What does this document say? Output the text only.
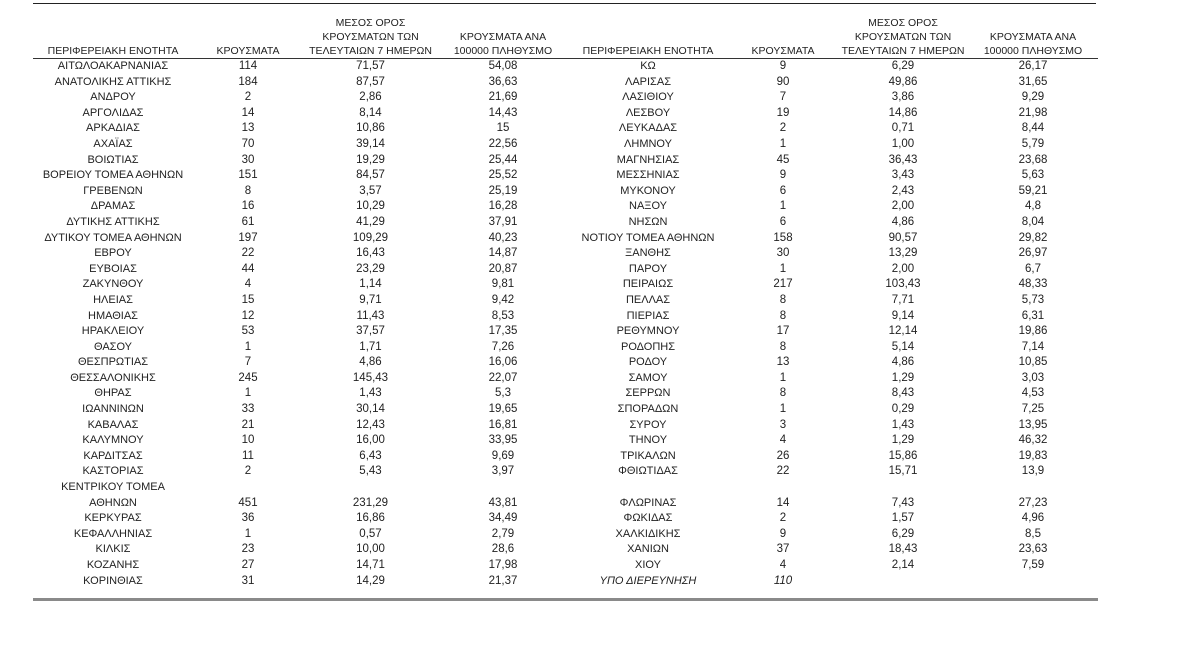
ΠΕΡΙΦΕΡΕΙΑΚΗ ΕΝΟΤΗΤΑ	ΚΡΟΥΣΜΑΤΑ	ΜΕΣΟΣ ΟΡΟΣ
ΚΡΟΥΣΜΑΤΩΝ ΤΩΝ
ΤΕΛΕΥΤΑΙΩΝ 7 ΗΜΕΡΩΝ	ΚΡΟΥΣΜΑΤΑ ΑΝΑ
100000 ΠΛΗΘΥΣΜΟ

ΑΙΤΩΛΟΑΚΑΡΝΑΝΙΑΣ	114	71,57	54,08
ΑΝΑΤΟΛΙΚΗΣ ΑΤΤΙΚΗΣ	184	87,57	36,63
ΑΝΔΡΟΥ	2	2,86	21,69
ΑΡΓΟΛΙΔΑΣ	14	8,14	14,43
ΑΡΚΑΔΙΑΣ	13	10,86	15
ΑΧΑΪΑΣ	70	39,14	22,56
ΒΟΙΩΤΙΑΣ	30	19,29	25,44
ΒΟΡΕΙΟΥ ΤΟΜΕΑ ΑΘΗΝΩΝ	151	84,57	25,52
ΓΡΕΒΕΝΩΝ	8	3,57	25,19
ΔΡΑΜΑΣ	16	10,29	16,28
ΔΥΤΙΚΗΣ ΑΤΤΙΚΗΣ	61	41,29	37,91
ΔΥΤΙΚΟΥ ΤΟΜΕΑ ΑΘΗΝΩΝ	197	109,29	40,23
ΕΒΡΟΥ	22	16,43	14,87
ΕΥΒΟΙΑΣ	44	23,29	20,87
ΖΑΚΥΝΘΟΥ	4	1,14	9,81
ΗΛΕΙΑΣ	15	9,71	9,42
ΗΜΑΘΙΑΣ	12	11,43	8,53
ΗΡΑΚΛΕΙΟΥ	53	37,57	17,35
ΘΑΣΟΥ	1	1,71	7,26
ΘΕΣΠΡΩΤΙΑΣ	7	4,86	16,06
ΘΕΣΣΑΛΟΝΙΚΗΣ	245	145,43	22,07
ΘΗΡΑΣ	1	1,43	5,3
ΙΩΑΝΝΙΝΩΝ	33	30,14	19,65
ΚΑΒΑΛΑΣ	21	12,43	16,81
ΚΑΛΥΜΝΟΥ	10	16,00	33,95
ΚΑΡΔΙΤΣΑΣ	11	6,43	9,69
ΚΑΣΤΟΡΙΑΣ	2	5,43	3,97

ΚΕΝΤΡΙΚΟΥ ΤΟΜΕΑ
ΑΘΗΝΩΝ	451	231,29	43,81
ΚΕΡΚΥΡΑΣ	36	16,86	34,49
ΚΕΦΑΛΛΗΝΙΑΣ	1	0,57	2,79
ΚΙΛΚΙΣ	23	10,00	28,6
ΚΟΖΑΝΗΣ	27	14,71	17,98
ΚΟΡΙΝΘΙΑΣ	31	14,29	21,37
ΠΕΡΙΦΕΡΕΙΑΚΗ ΕΝΟΤΗΤΑ	ΚΡΟΥΣΜΑΤΑ	ΜΕΣΟΣ ΟΡΟΣ
ΚΡΟΥΣΜΑΤΩΝ ΤΩΝ
ΤΕΛΕΥΤΑΙΩΝ 7 ΗΜΕΡΩΝ	ΚΡΟΥΣΜΑΤΑ ΑΝΑ
100000 ΠΛΗΘΥΣΜΟ

ΚΩ	9	6,29	26,17
ΛΑΡΙΣΑΣ	90	49,86	31,65
ΛΑΣΙΘΙΟΥ	7	3,86	9,29
ΛΕΣΒΟΥ	19	14,86	21,98
ΛΕΥΚΑΔΑΣ	2	0,71	8,44
ΛΗΜΝΟΥ	1	1,00	5,79
ΜΑΓΝΗΣΙΑΣ	45	36,43	23,68
ΜΕΣΣΗΝΙΑΣ	9	3,43	5,63
ΜΥΚΟΝΟΥ	6	2,43	59,21
ΝΑΞΟΥ	1	2,00	4,8
ΝΗΣΩΝ	6	4,86	8,04
ΝΟΤΙΟΥ ΤΟΜΕΑ ΑΘΗΝΩΝ	158	90,57	29,82
ΞΑΝΘΗΣ	30	13,29	26,97
ΠΑΡΟΥ	1	2,00	6,7
ΠΕΙΡΑΙΩΣ	217	103,43	48,33
ΠΕΛΛΑΣ	8	7,71	5,73
ΠΙΕΡΙΑΣ	8	9,14	6,31
ΡΕΘΥΜΝΟΥ	17	12,14	19,86
ΡΟΔΟΠΗΣ	8	5,14	7,14
ΡΟΔΟΥ	13	4,86	10,85
ΣΑΜΟΥ	1	1,29	3,03
ΣΕΡΡΩΝ	8	8,43	4,53
ΣΠΟΡΑΔΩΝ	1	0,29	7,25
ΣΥΡΟΥ	3	1,43	13,95
ΤΗΝΟΥ	4	1,29	46,32
ΤΡΙΚΑΛΩΝ	26	15,86	19,83
ΦΘΙΩΤΙΔΑΣ	22	15,71	13,9

ΦΛΩΡΙΝΑΣ	14	7,43	27,23
ΦΩΚΙΔΑΣ	2	1,57	4,96
ΧΑΛΚΙΔΙΚΗΣ	9	6,29	8,5
ΧΑΝΙΩΝ	37	18,43	23,63
ΧΙΟΥ	4	2,14	7,59
ΥΠΟ ΔΙΕΡΕΥΝΗΣΗ	110		
